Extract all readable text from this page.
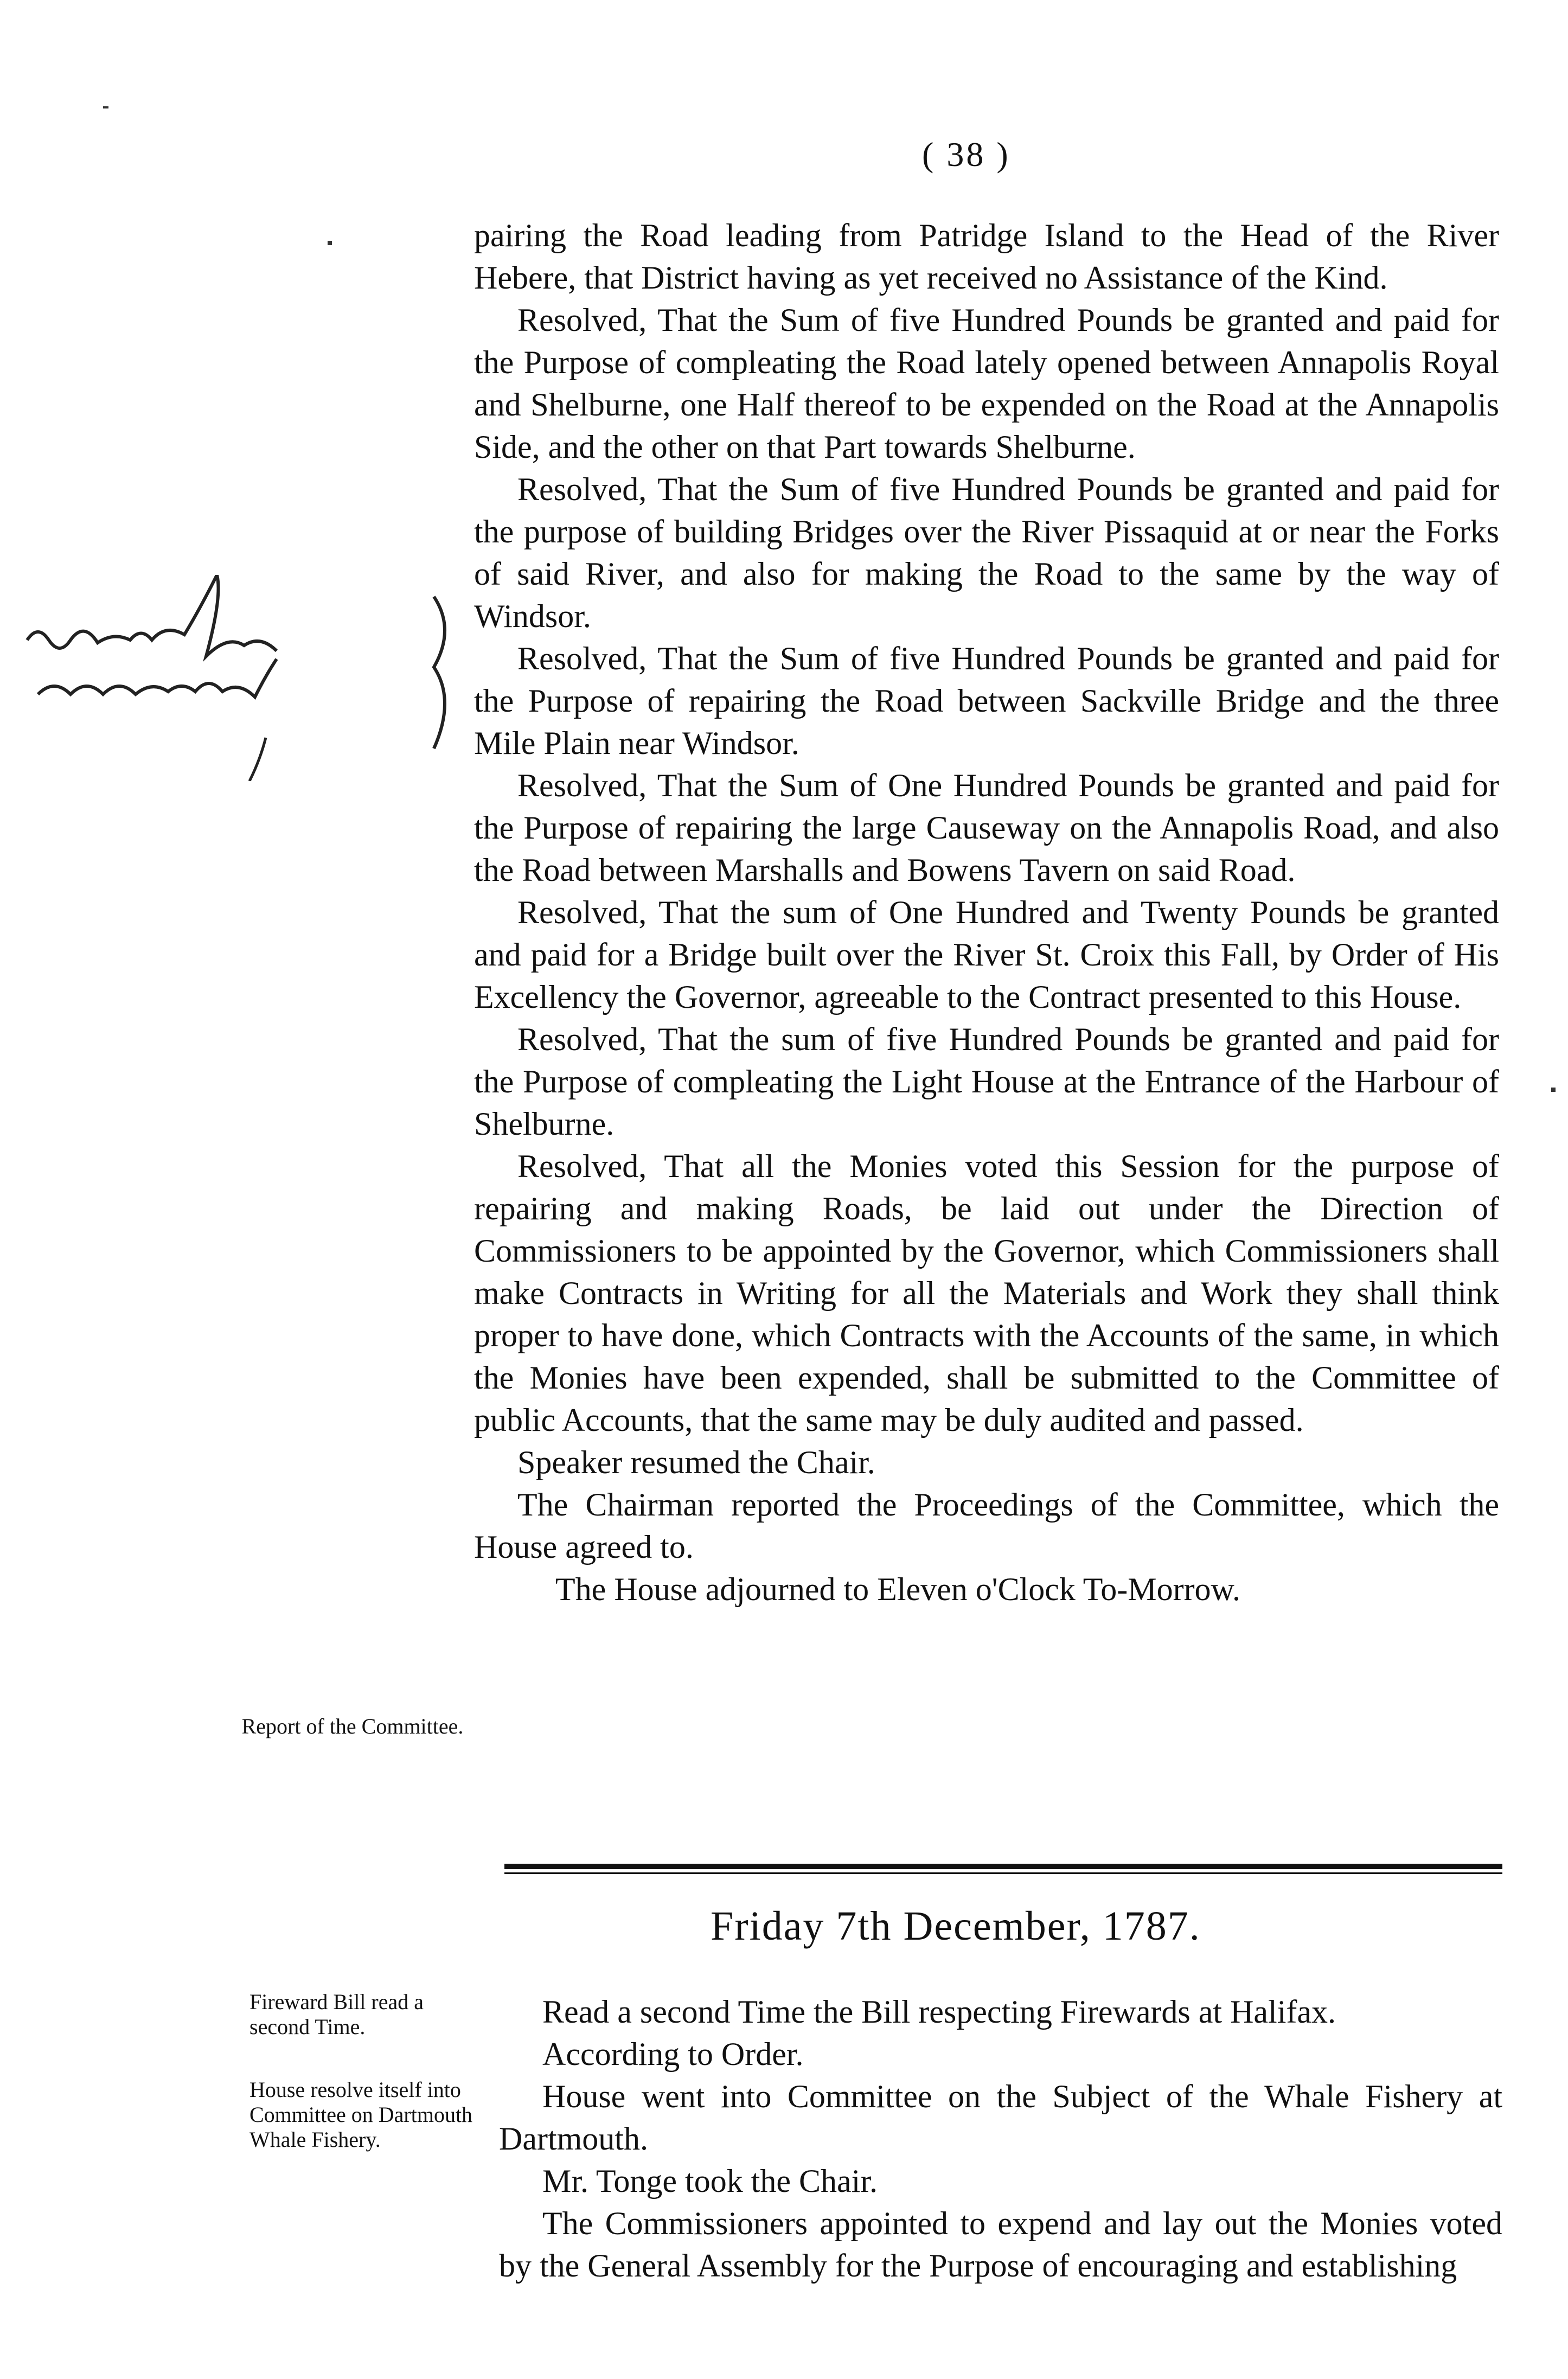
( 38 )
Report of the Committee.
Fireward Bill read a second Time.
House resolve itself into Committee on Dartmouth Whale Fishery.

pairing the Road leading from Patridge Island to the Head of the River Hebere, that District having as yet received no Assistance of the Kind.

Resolved, That the Sum of five Hundred Pounds be granted and paid for the Purpose of compleating the Road lately opened between Annapolis Royal and Shelburne, one Half thereof to be expended on the Road at the Annapolis Side, and the other on that Part towards Shelburne.

Resolved, That the Sum of five Hundred Pounds be granted and paid for the purpose of building Bridges over the River Pissaquid at or near the Forks of said River, and also for making the Road to the same by the way of Windsor.

Resolved, That the Sum of five Hundred Pounds be granted and paid for the Purpose of repairing the Road between Sackville Bridge and the three Mile Plain near Windsor.

Resolved, That the Sum of One Hundred Pounds be granted and paid for the Purpose of repairing the large Causeway on the Annapolis Road, and also the Road between Marshalls and Bowens Tavern on said Road.

Resolved, That the sum of One Hundred and Twenty Pounds be granted and paid for a Bridge built over the River St. Croix this Fall, by Order of His Excellency the Governor, agreeable to the Contract presented to this House.

Resolved, That the sum of five Hundred Pounds be granted and paid for the Purpose of compleating the Light House at the Entrance of the Harbour of Shelburne.

Resolved, That all the Monies voted this Session for the purpose of repairing and making Roads, be laid out under the Direction of Commissioners to be appointed by the Governor, which Commissioners shall make Contracts in Writing for all the Materials and Work they shall think proper to have done, which Contracts with the Accounts of the same, in which the Monies have been expended, shall be submitted to the Committee of public Accounts, that the same may be duly audited and passed.

Speaker resumed the Chair.

The Chairman reported the Proceedings of the Committee, which the House agreed to.

The House adjourned to Eleven o'Clock To-Morrow.

Friday 7th December, 1787.

Read a second Time the Bill respecting Firewards at Halifax.

According to Order.

House went into Committee on the Subject of the Whale Fishery at Dartmouth.

Mr. Tonge took the Chair.

The Commissioners appointed to expend and lay out the Monies voted by the General Assembly for the Purpose of encouraging and establishing
